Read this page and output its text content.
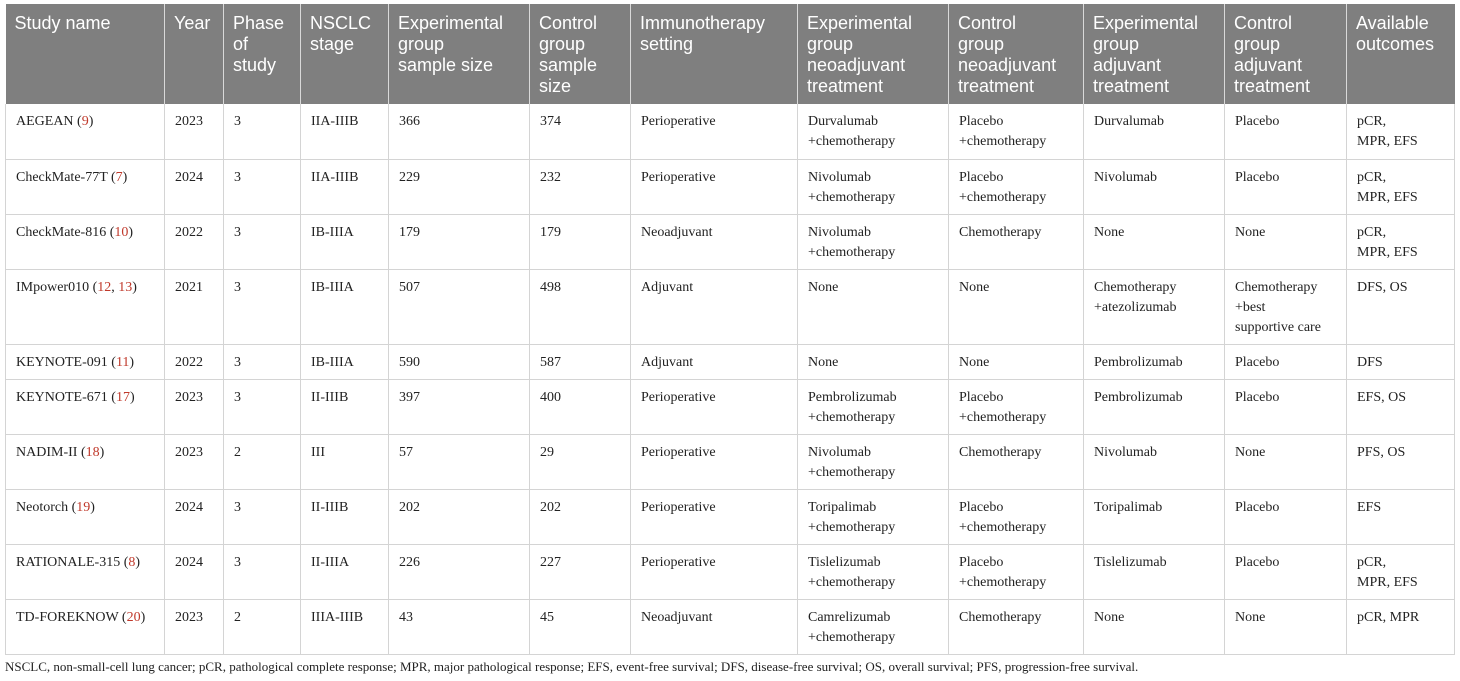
Study name	Year	Phase
of
study	NSCLC
stage	Experimental
group
sample size	Control
group
sample
size	Immunotherapy
setting	Experimental
group
neoadjuvant
treatment	Control
group
neoadjuvant
treatment	Experimental
group
adjuvant
treatment	Control
group
adjuvant
treatment	Available
outcomes

AEGEAN (9)	2023	3	IIA-IIIB	366	374	Perioperative	Durvalumab
+chemotherapy	Placebo
+chemotherapy	Durvalumab	Placebo	pCR,
MPR, EFS

CheckMate-77T (7)	2024	3	IIA-IIIB	229	232	Perioperative	Nivolumab
+chemotherapy	Placebo
+chemotherapy	Nivolumab	Placebo	pCR,
MPR, EFS

CheckMate-816 (10)	2022	3	IB-IIIA	179	179	Neoadjuvant	Nivolumab
+chemotherapy	Chemotherapy	None	None	pCR,
MPR, EFS

IMpower010 (12, 13)	2021	3	IB-IIIA	507	498	Adjuvant	None	None	Chemotherapy
+atezolizumab	Chemotherapy
+best
supportive care	DFS, OS

KEYNOTE-091 (11)	2022	3	IB-IIIA	590	587	Adjuvant	None	None	Pembrolizumab	Placebo	DFS

KEYNOTE-671 (17)	2023	3	II-IIIB	397	400	Perioperative	Pembrolizumab
+chemotherapy	Placebo
+chemotherapy	Pembrolizumab	Placebo	EFS, OS

NADIM-II (18)	2023	2	III	57	29	Perioperative	Nivolumab
+chemotherapy	Chemotherapy	Nivolumab	None	PFS, OS

Neotorch (19)	2024	3	II-IIIB	202	202	Perioperative	Toripalimab
+chemotherapy	Placebo
+chemotherapy	Toripalimab	Placebo	EFS

RATIONALE-315 (8)	2024	3	II-IIIA	226	227	Perioperative	Tislelizumab
+chemotherapy	Placebo
+chemotherapy	Tislelizumab	Placebo	pCR,
MPR, EFS

TD-FOREKNOW (20)	2023	2	IIIA-IIIB	43	45	Neoadjuvant	Camrelizumab
+chemotherapy	Chemotherapy	None	None	pCR, MPR
NSCLC, non-small-cell lung cancer; pCR, pathological complete response; MPR, major pathological response; EFS, event-free survival; DFS, disease-free survival; OS, overall survival; PFS, progression-free survival.
